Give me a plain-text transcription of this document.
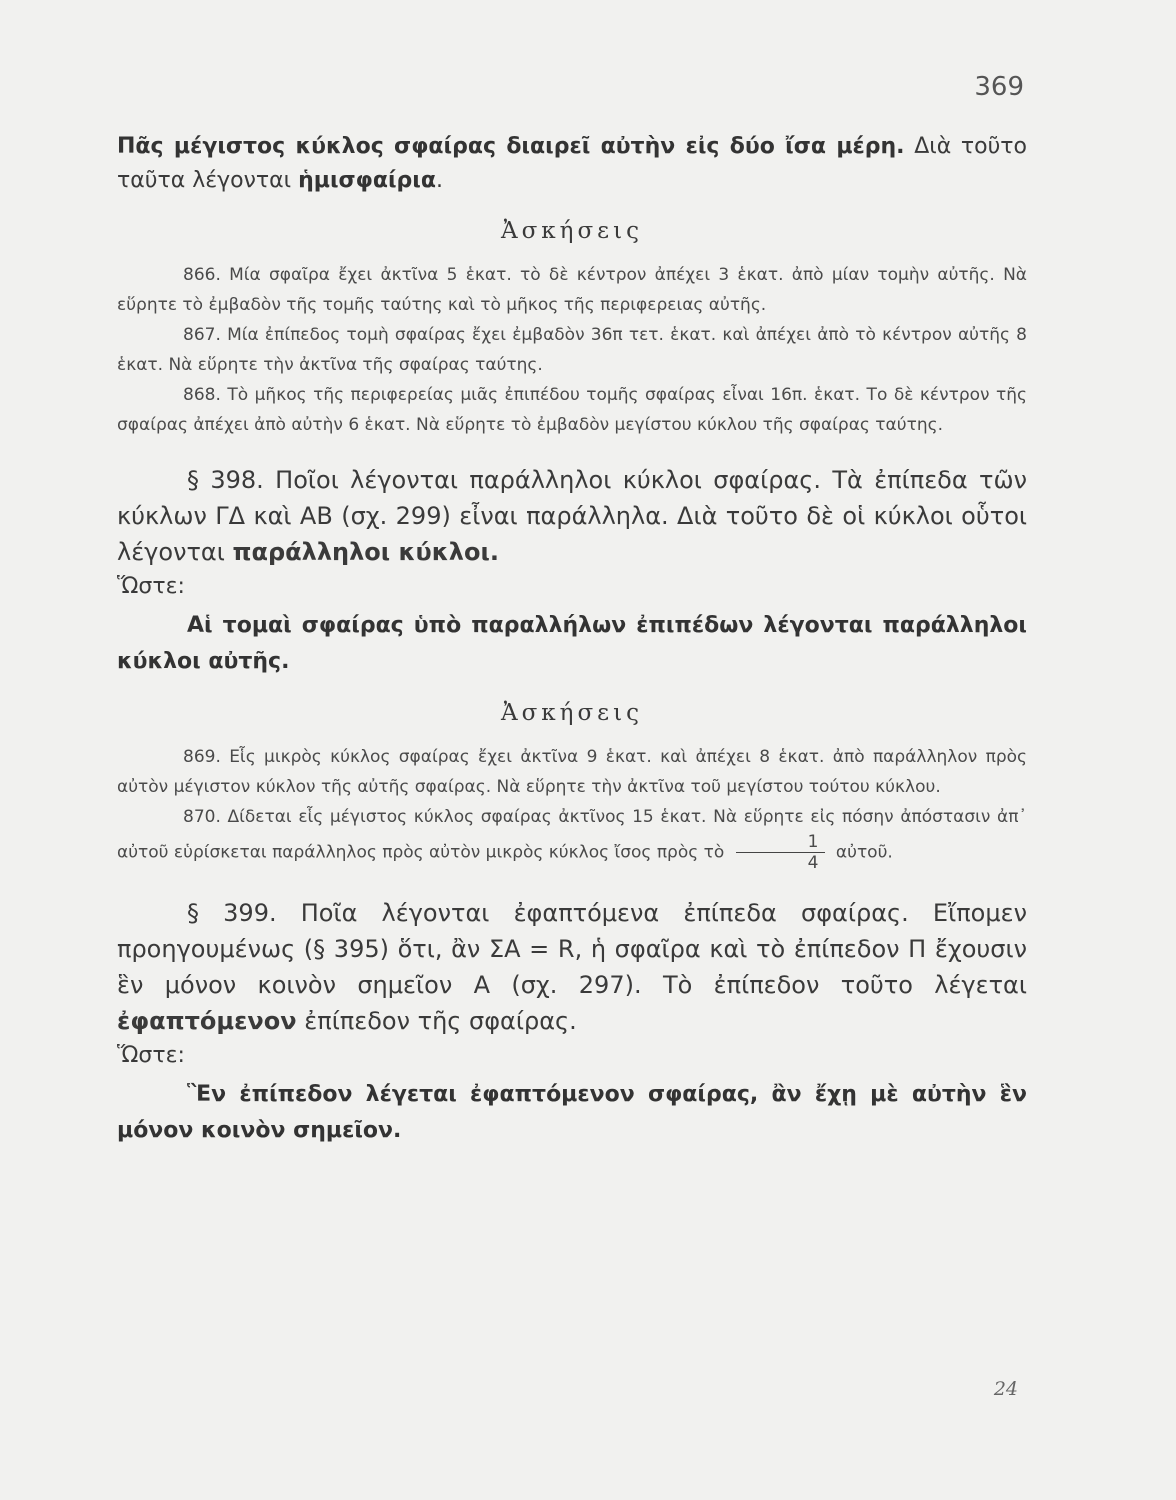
369

Πᾶς μέγιστος κύκλος σφαίρας διαιρεῖ αὐτὴν εἰς δύο ἴσα μέρη. Διὰ τοῦτο ταῦτα λέγονται ἡμισφαίρια.

Ἀσκήσεις

866. Μία σφαῖρα ἔχει ἀκτῖνα 5 ἑκατ. τὸ δὲ κέντρον ἀπέχει 3 ἑκατ. ἀπὸ μίαν τομὴν αὐτῆς. Νὰ εὕρητε τὸ ἐμβαδὸν τῆς τομῆς ταύτης καὶ τὸ μῆκος τῆς περιφερειας αὐτῆς.

867. Μία ἐπίπεδος τομὴ σφαίρας ἔχει ἐμβαδὸν 36π τετ. ἑκατ. καὶ ἀπέχει ἀπὸ τὸ κέντρον αὐτῆς 8 ἑκατ. Νὰ εὕρητε τὴν ἀκτῖνα τῆς σφαίρας ταύτης.

868. Τὸ μῆκος τῆς περιφερείας μιᾶς ἐπιπέδου τομῆς σφαίρας εἶναι 16π. ἑκατ. Το δὲ κέντρον τῆς σφαίρας ἀπέχει ἀπὸ αὐτὴν 6 ἑκατ. Νὰ εὕρητε τὸ ἐμβαδὸν μεγίστου κύκλου τῆς σφαίρας ταύτης.

§ 398. Ποῖοι λέγονται παράλληλοι κύκλοι σφαίρας. Τὰ ἐπίπεδα τῶν κύκλων ΓΔ καὶ ΑΒ (σχ. 299) εἶναι παράλληλα. Διὰ τοῦτο δὲ οἱ κύκλοι οὗτοι λέγονται παράλληλοι κύκλοι.

Ὥστε:

Αἱ τομαὶ σφαίρας ὑπὸ παραλλήλων ἐπιπέδων λέγονται παράλληλοι κύκλοι αὐτῆς.

Ἀσκήσεις

869. Εἷς μικρὸς κύκλος σφαίρας ἔχει ἀκτῖνα 9 ἑκατ. καὶ ἀπέχει 8 ἑκατ. ἀπὸ παράλληλον πρὸς αὐτὸν μέγιστον κύκλον τῆς αὐτῆς σφαίρας. Νὰ εὕρητε τὴν ἀκτῖνα τοῦ μεγίστου τούτου κύκλου.

870. Δίδεται εἷς μέγιστος κύκλος σφαίρας ἀκτῖνος 15 ἑκατ. Νὰ εὕρητε εἰς πόσην ἀπόστασιν ἀπ᾽ αὐτοῦ εὑρίσκεται παράλληλος πρὸς αὐτὸν μικρὸς κύκλος ἴσος πρὸς τὸ $\frac{1}{4}$ αὐτοῦ.

§ 399. Ποῖα λέγονται ἐφαπτόμενα ἐπίπεδα σφαίρας. Εἴπομεν προηγουμένως (§ 395) ὅτι, ἂν ΣΑ = R, ἡ σφαῖρα καὶ τὸ ἐπίπεδον Π ἔχουσιν ἓν μόνον κοινὸν σημεῖον Α (σχ. 297). Τὸ ἐπίπεδον τοῦτο λέγεται ἐφαπτόμενον ἐπίπεδον τῆς σφαίρας.

Ὥστε:

Ἓν ἐπίπεδον λέγεται ἐφαπτόμενον σφαίρας, ἂν ἔχῃ μὲ αὐτὴν ἓν μόνον κοινὸν σημεῖον.

24
